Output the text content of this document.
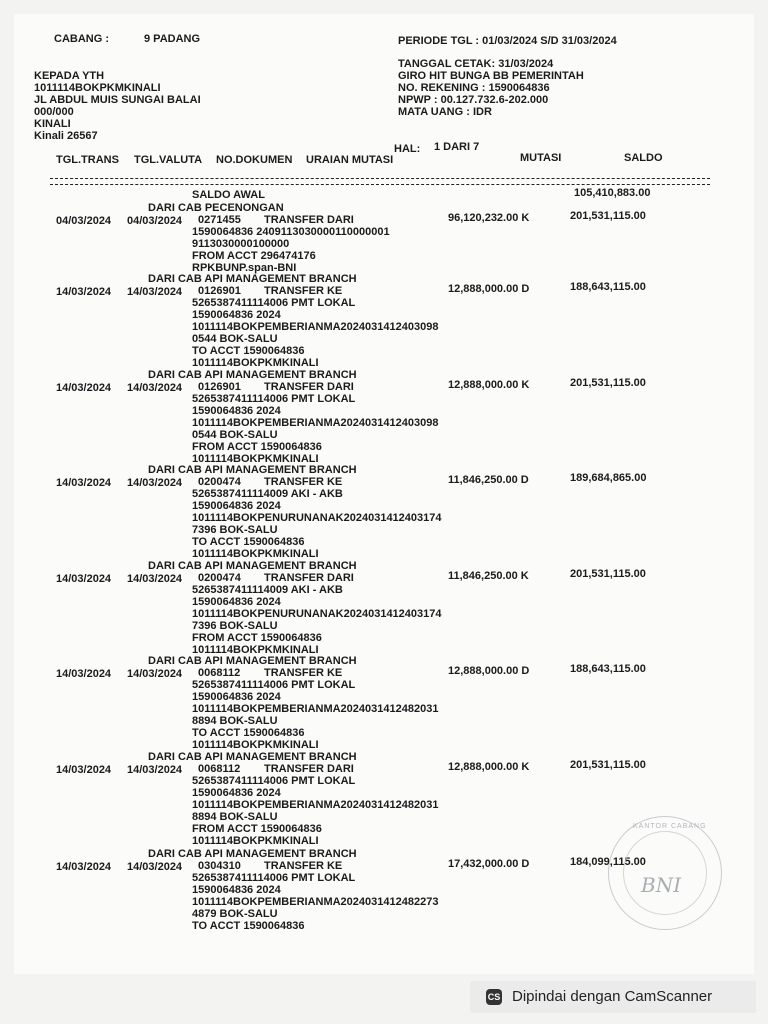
CABANG :	9 PADANG	PERIODE TGL : 01/03/2024 S/D 31/03/2024
KEPADA YTH
1011114BOKPKMKINALI
JL ABDUL MUIS SUNGAI BALAI
000/000
KINALI
Kinali 26567
TANGGAL CETAK: 31/03/2024
GIRO HIT BUNGA BB PEMERINTAH
NO. REKENING : 1590064836
NPWP : 00.127.732.6-202.000
MATA UANG : IDR
HAL: 1 DARI 7
TGL.TRANS TGL.VALUTA NO.DOKUMEN URAIAN MUTASI	MUTASI	SALDO
SALDO AWAL	105,410,883.00
DARI CAB PECENONGAN
04/03/2024 04/03/2024 0271455 TRANSFER DARI
1590064836 2409113030000110000001
9113030000100000
FROM ACCT 296474176
RPKBUNP.span-BNI
96,120,232.00 K	201,531,115.00
DARI CAB API MANAGEMENT BRANCH
14/03/2024 14/03/2024 0126901 TRANSFER KE
5265387411114006 PMT LOKAL
1590064836 2024
1011114BOKPEMBERIANMA2024031412403098
0544 BOK-SALU
TO ACCT 1590064836
1011114BOKPKMKINALI
12,888,000.00 D	188,643,115.00
DARI CAB API MANAGEMENT BRANCH
14/03/2024 14/03/2024 0126901 TRANSFER DARI
5265387411114006 PMT LOKAL
1590064836 2024
1011114BOKPEMBERIANMA2024031412403098
0544 BOK-SALU
FROM ACCT 1590064836
1011114BOKPKMKINALI
12,888,000.00 K	201,531,115.00
DARI CAB API MANAGEMENT BRANCH
14/03/2024 14/03/2024 0200474 TRANSFER KE
5265387411114009 AKI - AKB
1590064836 2024
1011114BOKPENURUNANAK2024031412403174
7396 BOK-SALU
TO ACCT 1590064836
1011114BOKPKMKINALI
11,846,250.00 D	189,684,865.00
DARI CAB API MANAGEMENT BRANCH
14/03/2024 14/03/2024 0200474 TRANSFER DARI
5265387411114009 AKI - AKB
1590064836 2024
1011114BOKPENURUNANAK2024031412403174
7396 BOK-SALU
FROM ACCT 1590064836
1011114BOKPKMKINALI
11,846,250.00 K	201,531,115.00
DARI CAB API MANAGEMENT BRANCH
14/03/2024 14/03/2024 0068112 TRANSFER KE
5265387411114006 PMT LOKAL
1590064836 2024
1011114BOKPEMBERIANMA2024031412482031
8894 BOK-SALU
TO ACCT 1590064836
1011114BOKPKMKINALI
12,888,000.00 D	188,643,115.00
DARI CAB API MANAGEMENT BRANCH
14/03/2024 14/03/2024 0068112 TRANSFER DARI
5265387411114006 PMT LOKAL
1590064836 2024
1011114BOKPEMBERIANMA2024031412482031
8894 BOK-SALU
FROM ACCT 1590064836
1011114BOKPKMKINALI
12,888,000.00 K	201,531,115.00
DARI CAB API MANAGEMENT BRANCH
14/03/2024 14/03/2024 0304310 TRANSFER KE
5265387411114006 PMT LOKAL
1590064836 2024
1011114BOKPEMBERIANMA2024031412482273
4879 BOK-SALU
TO ACCT 1590064836
17,432,000.00 D	184,099,115.00
KANTOR CABANG
BNI
CS Dipindai dengan CamScanner
